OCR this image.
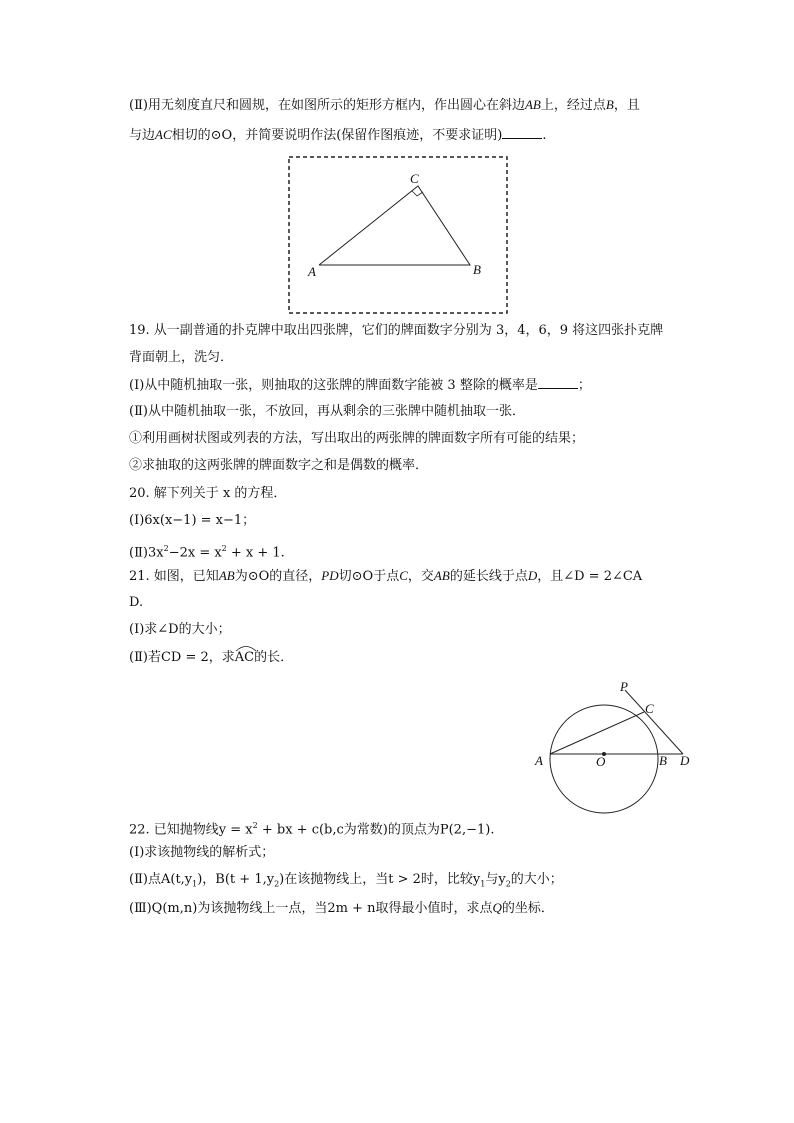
(Ⅱ)用无刻度直尺和圆规，在如图所示的矩形方框内，作出圆心在斜边AB上，经过点B，且
与边AC相切的⊙O，并简要说明作法(保留作图痕迹，不要求证明)	.
C
A	B
19. 从一副普通的扑克牌中取出四张牌，它们的牌面数字分别为 3，4，6，9 将这四张扑克牌
背面朝上，洗匀．
(Ⅰ)从中随机抽取一张，则抽取的这张牌的牌面数字能被 3 整除的概率是	；
(Ⅱ)从中随机抽取一张，不放回，再从剩余的三张牌中随机抽取一张．
①利用画树状图或列表的方法，写出取出的两张牌的牌面数字所有可能的结果；
②求抽取的这两张牌的牌面数字之和是偶数的概率．
20. 解下列关于 x 的方程．
(Ⅰ)6x(x−1) = x−1；
$(Ⅱ)3x^2-2x = x^2 + x + 1$.
21. 如图，已知AB为⊙O的直径，PD切⊙O于点C，交AB的延长线于点D，且∠D = 2∠CA
D.
(Ⅰ)求∠D的大小；
(Ⅱ)若CD = 2，求
AC的长．
P
C
A	O	B D
22. 已知抛物线$y = x^2$ + bx + c(b,c为常数)的顶点为P(2,−1).
(Ⅰ)求该抛物线的解析式；
(Ⅱ)点$A(t,y_1)$，$B(t + 1,y_2)$在该抛物线上，当t > 2时，比较$y_1$与$y_2$的大小；
(Ⅲ)Q(m,n)为该抛物线上一点，当2m + n取得最小值时，求点Q的坐标．
